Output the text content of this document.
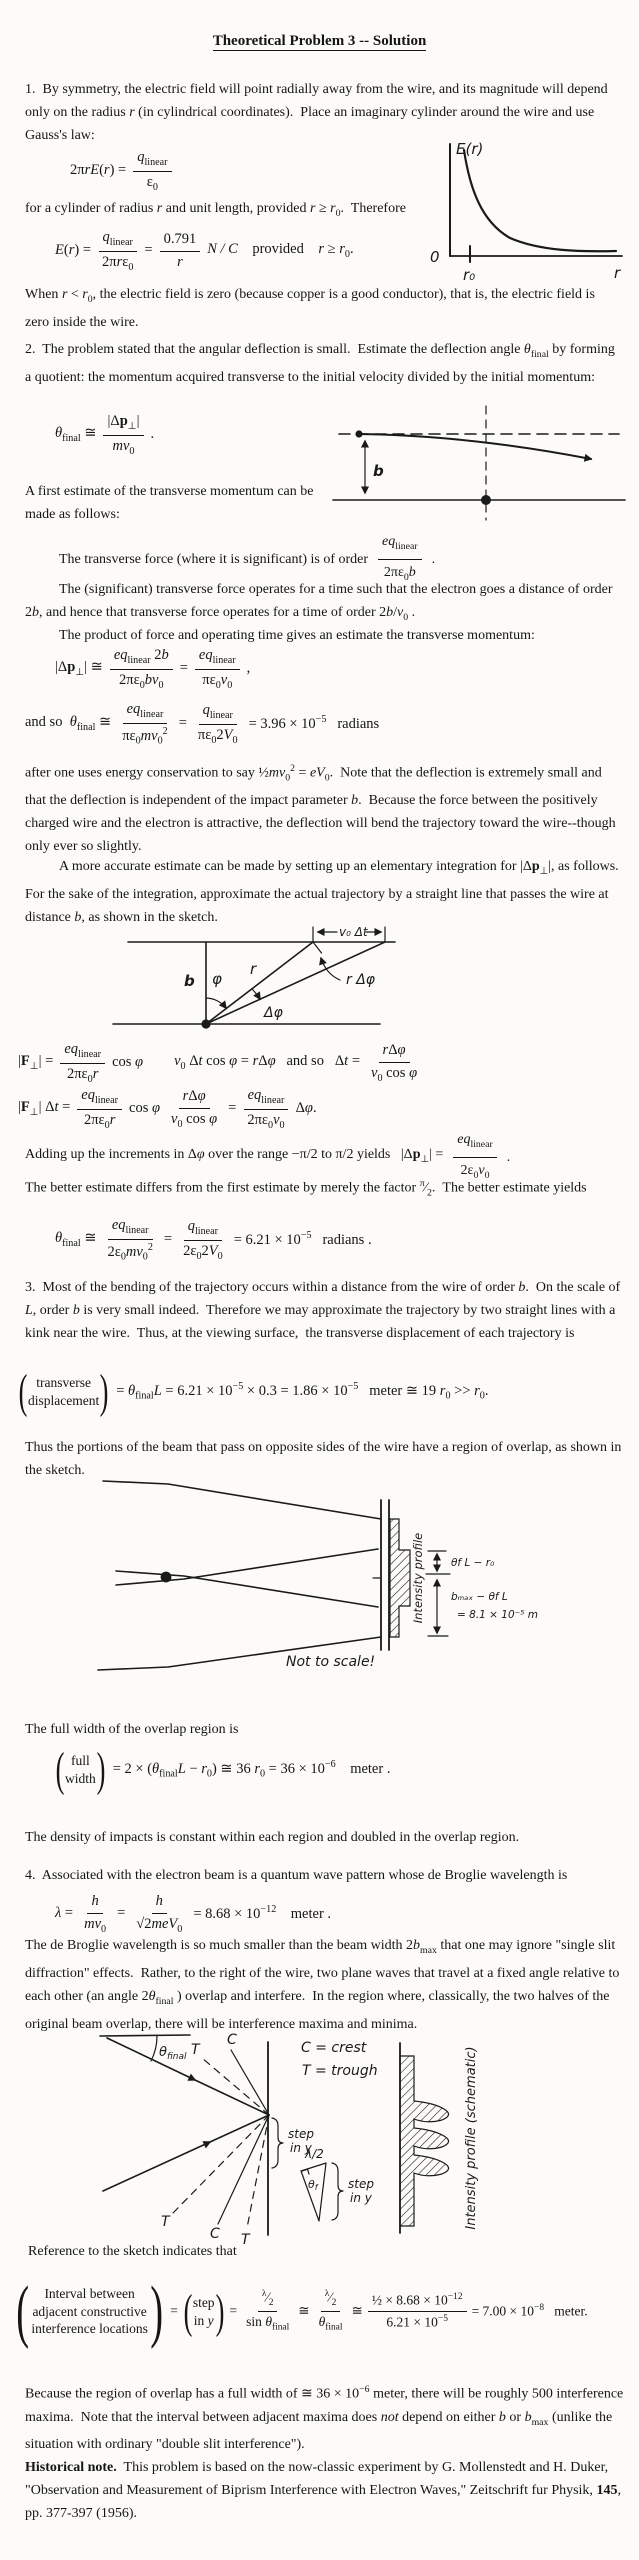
Theoretical Problem 3 -- Solution
1.  By symmetry, the electric field will point radially away from the wire, and its magnitude will depend only on the radius r (in cylindrical coordinates).  Place an imaginary cylinder around the wire and use Gauss's law:
E(r)
0
r₀	r
$2\pi rE(r) = \frac{q_{linear}}{\varepsilon_0}$
for a cylinder of radius r and unit length, provided $r \ge r_0$.  Therefore
$E(r) = \frac{q_{linear}}{2\pi r\varepsilon_0} = \frac{0.791}{r}$ N / C  provided  $r \ge r_0$.
When $r < r_0$, the electric field is zero (because copper is a good conductor), that is, the electric field is zero inside the wire.
2.  The problem stated that the angular deflection is small.  Estimate the deflection angle $\theta_{final}$ by forming a quotient: the momentum acquired transverse to the initial velocity divided by the initial momentum:
b
$\theta_{final}$ ≅ $\frac{|\Delta p_\perp|}{mv_0}$ .
A first estimate of the transverse momentum can be made as follows:
The transverse force (where it is significant) is of order $\frac{eq_{linear}}{2\pi\varepsilon_0b}$ .
The (significant) transverse force operates for a time such that the electron goes a distance of order 2b, and hence that transverse force operates for a time of order $2b/v_0$ .
The product of force and operating time gives an estimate the transverse momentum:
$|\Delta p_\perp|$ ≅ $\frac{eq_{linear} 2b}{2\pi\varepsilon_0bv_0} = \frac{eq_{linear}}{\pi\varepsilon_0v_0}$ ,
and so  $\theta_{final}$ ≅ $\frac{eq_{linear}}{\pi\varepsilon_0mv_0^2} = \frac{q_{linear}}{\pi\varepsilon_02V_0} = 3.96 \times 10^{-5}$  radians
after one uses energy conservation to say $\frac{1}{2}mv_0^2 = eV_0$.  Note that the deflection is extremely small and that the deflection is independent of the impact parameter b.  Because the force between the positively charged wire and the electron is attractive, the deflection will bend the trajectory toward the wire--though only ever so slightly.
A more accurate estimate can be made by setting up an elementary integration for $|\Delta p_\perp|$, as follows.  For the sake of the integration, approximate the actual trajectory by a straight line that passes the wire at distance b, as shown in the sketch.
v₀ Δt
φ
b
r
Δφ
r Δφ
$|F_\perp| = \frac{eq_{linear}}{2\pi\varepsilon_0r}$ cos φ $v_0$ Δt cos φ = rΔφ  and so  $\Delta t = \frac{\text{rΔφ}}{v_0 \cos \varphi}$
$|F_\perp|$ $\Delta t = \frac{eq_{linear}}{2\pi\varepsilon_0r}$ cos φ $\frac{\text{rΔφ}}{v_0 \cos \varphi} = \frac{eq_{linear}}{2\pi\varepsilon_0v_0} \Delta\varphi$.
Adding up the increments in Δφ over the range −π/2 to π/2 yields  $|\Delta p_\perp| = \frac{eq_{linear}}{2\varepsilon_0v_0}$ .
The better estimate differs from the first estimate by merely the factor $^\pi⁄_2$.  The better estimate yields
$\theta_{final}$ ≅ $\frac{eq_{linear}}{2\varepsilon_0mv_0^2} = \frac{q_{linear}}{2\varepsilon_02V_0} = 6.21 \times 10^{-5}$  radians .
3.  Most of the bending of the trajectory occurs within a distance from the wire of order b.  On the scale of L, order b is very small indeed.  Therefore we may approximate the trajectory by two straight lines with a kink near the wire.  Thus, at the viewing surface,  the transverse displacement of each trajectory is
( transverse
displacement ) = $\theta_{final}L = 6.21 \times 10^{-5} \times 0.3 = 1.86 \times 10^{-5}$  meter ≅ 19 $r_0 >> r_0$.
Thus the portions of the beam that pass on opposite sides of the wire have a region of overlap, as shown in the sketch.
Intensity profile θf L − r₀
bₘₐₓ − θf L
= 8.1 × 10⁻⁵ m
Not to scale!
The full width of the overlap region is
( full
width ) = $2 \times (\theta_{final}L - r_0)$ ≅ 36 $r_0 = 36 \times 10^{-6}$  meter .
The density of impacts is constant within each region and doubled in the overlap region.
4.  Associated with the electron beam is a quantum wave pattern whose de Broglie wavelength is
$\lambda = \frac{h}{mv_0} = \frac{h}{√2meV_0} = 8.68 \times 10^{-12}$  meter .
The de Broglie wavelength is so much smaller than the beam width $2b_{max}$ that one may ignore "single slit diffraction" effects.  Rather, to the right of the wire, two plane waves that travel at a fixed angle relative to each other (an angle $2\theta_{final}$ ) overlap and interfere.  In the region where, classically, the two halves of the original beam overlap, there will be interference maxima and minima.
$\theta_{final}$ T
C
T
C T
C = crest
T = trough
step
in y
λ/2
θf	step
in y	Intensity profile (schematic)
Reference to the sketch indicates that
( Interval between
adjacent constructive
interference locations ) = ( step
in y ) = $\frac{^\lambda⁄_2}{\sin \theta_{final}}$ ≅ $\frac{^\lambda⁄_2}{\theta_{final}}$ ≅ $\frac{\frac{1}{2} \times 8.68 \times 10^{-12}}{6.21 \times 10^{-5}} = 7.00 \times 10^{-8}$  meter.
Because the region of overlap has a full width of ≅ $36 \times 10^{-6}$ meter, there will be roughly 500 interference maxima.  Note that the interval between adjacent maxima does not depend on either b or $b_{max}$ (unlike the situation with ordinary "double slit interference").
Historical note.  This problem is based on the now-classic experiment by G. Mollenstedt and H. Duker, "Observation and Measurement of Biprism Interference with Electron Waves," Zeitschrift fur Physik, 145, pp. 377-397 (1956).
